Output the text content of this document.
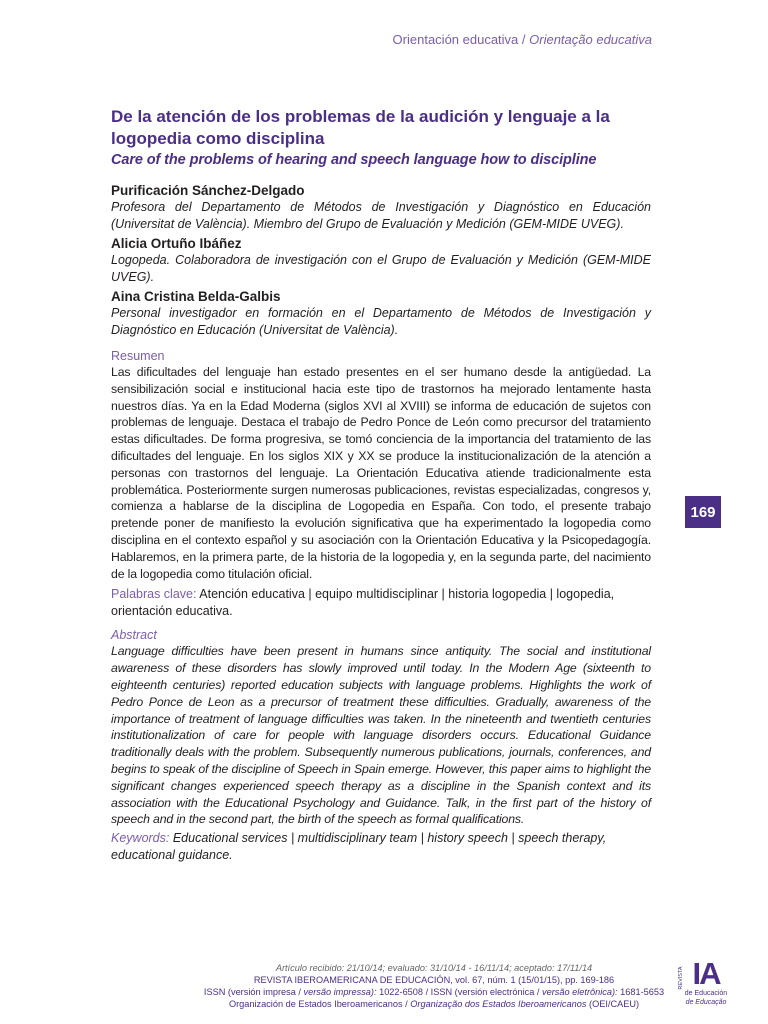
Orientación educativa / Orientação educativa
De la atención de los problemas de la audición y lenguaje a la logopedia como disciplina
Care of the problems of hearing and speech language how to discipline
Purificación Sánchez-Delgado
Profesora del Departamento de Métodos de Investigación y Diagnóstico en Educación (Universitat de València). Miembro del Grupo de Evaluación y Medición (GEM-MIDE UVEG).
Alicia Ortuño Ibáñez
Logopeda. Colaboradora de investigación con el Grupo de Evaluación y Medición (GEM-MIDE UVEG).
Aina Cristina Belda-Galbis
Personal investigador en formación en el Departamento de Métodos de Investigación y Diagnóstico en Educación (Universitat de València).
Resumen
Las dificultades del lenguaje han estado presentes en el ser humano desde la antigüedad. La sensibilización social e institucional hacia este tipo de trastornos ha mejorado lentamente hasta nuestros días. Ya en la Edad Moderna (siglos XVI al XVIII) se informa de educación de sujetos con problemas de lenguaje. Destaca el trabajo de Pedro Ponce de León como precursor del tratamiento estas dificultades. De forma progresiva, se tomó conciencia de la importancia del tratamiento de las dificultades del lenguaje. En los siglos XIX y XX se produce la institucionalización de la atención a personas con trastornos del lenguaje. La Orientación Educativa atiende tradicionalmente esta problemática. Posteriormente surgen numerosas publicaciones, revistas especializadas, congresos y, comienza a hablarse de la disciplina de Logopedia en España. Con todo, el presente trabajo pretende poner de manifiesto la evolución significativa que ha experimentado la logopedia como disciplina en el contexto español y su asociación con la Orientación Educativa y la Psicopedagogía. Hablaremos, en la primera parte, de la historia de la logopedia y, en la segunda parte, del nacimiento de la logopedia como titulación oficial.
Palabras clave: Atención educativa | equipo multidisciplinar | historia logopedia | logopedia, orientación educativa.
Abstract
Language difficulties have been present in humans since antiquity. The social and institutional awareness of these disorders has slowly improved until today. In the Modern Age (sixteenth to eighteenth centuries) reported education subjects with language problems. Highlights the work of Pedro Ponce de Leon as a precursor of treatment these difficulties. Gradually, awareness of the importance of treatment of language difficulties was taken. In the nineteenth and twentieth centuries institutionalization of care for people with language disorders occurs. Educational Guidance traditionally deals with the problem. Subsequently numerous publications, journals, conferences, and begins to speak of the discipline of Speech in Spain emerge. However, this paper aims to highlight the significant changes experienced speech therapy as a discipline in the Spanish context and its association with the Educational Psychology and Guidance. Talk, in the first part of the history of speech and in the second part, the birth of the speech as formal qualifications.
Keywords: Educational services | multidisciplinary team | history speech | speech therapy, educational guidance.
169
Artículo recibido: 21/10/14; evaluado: 31/10/14 - 16/11/14; aceptado: 17/11/14
REVISTA IBEROAMERICANA DE EDUCACIÓN, vol. 67, núm. 1 (15/01/15), pp. 169-186
ISSN (versión impresa / versão impressa): 1022-6508 / ISSN (versión electrónica / versão eletrônica): 1681-5653
Organización de Estados Iberoamericanos / Organização dos Estados Iberoamericanos (OEI/CAEU)
REVISTA IA
de Educación
de Educação
